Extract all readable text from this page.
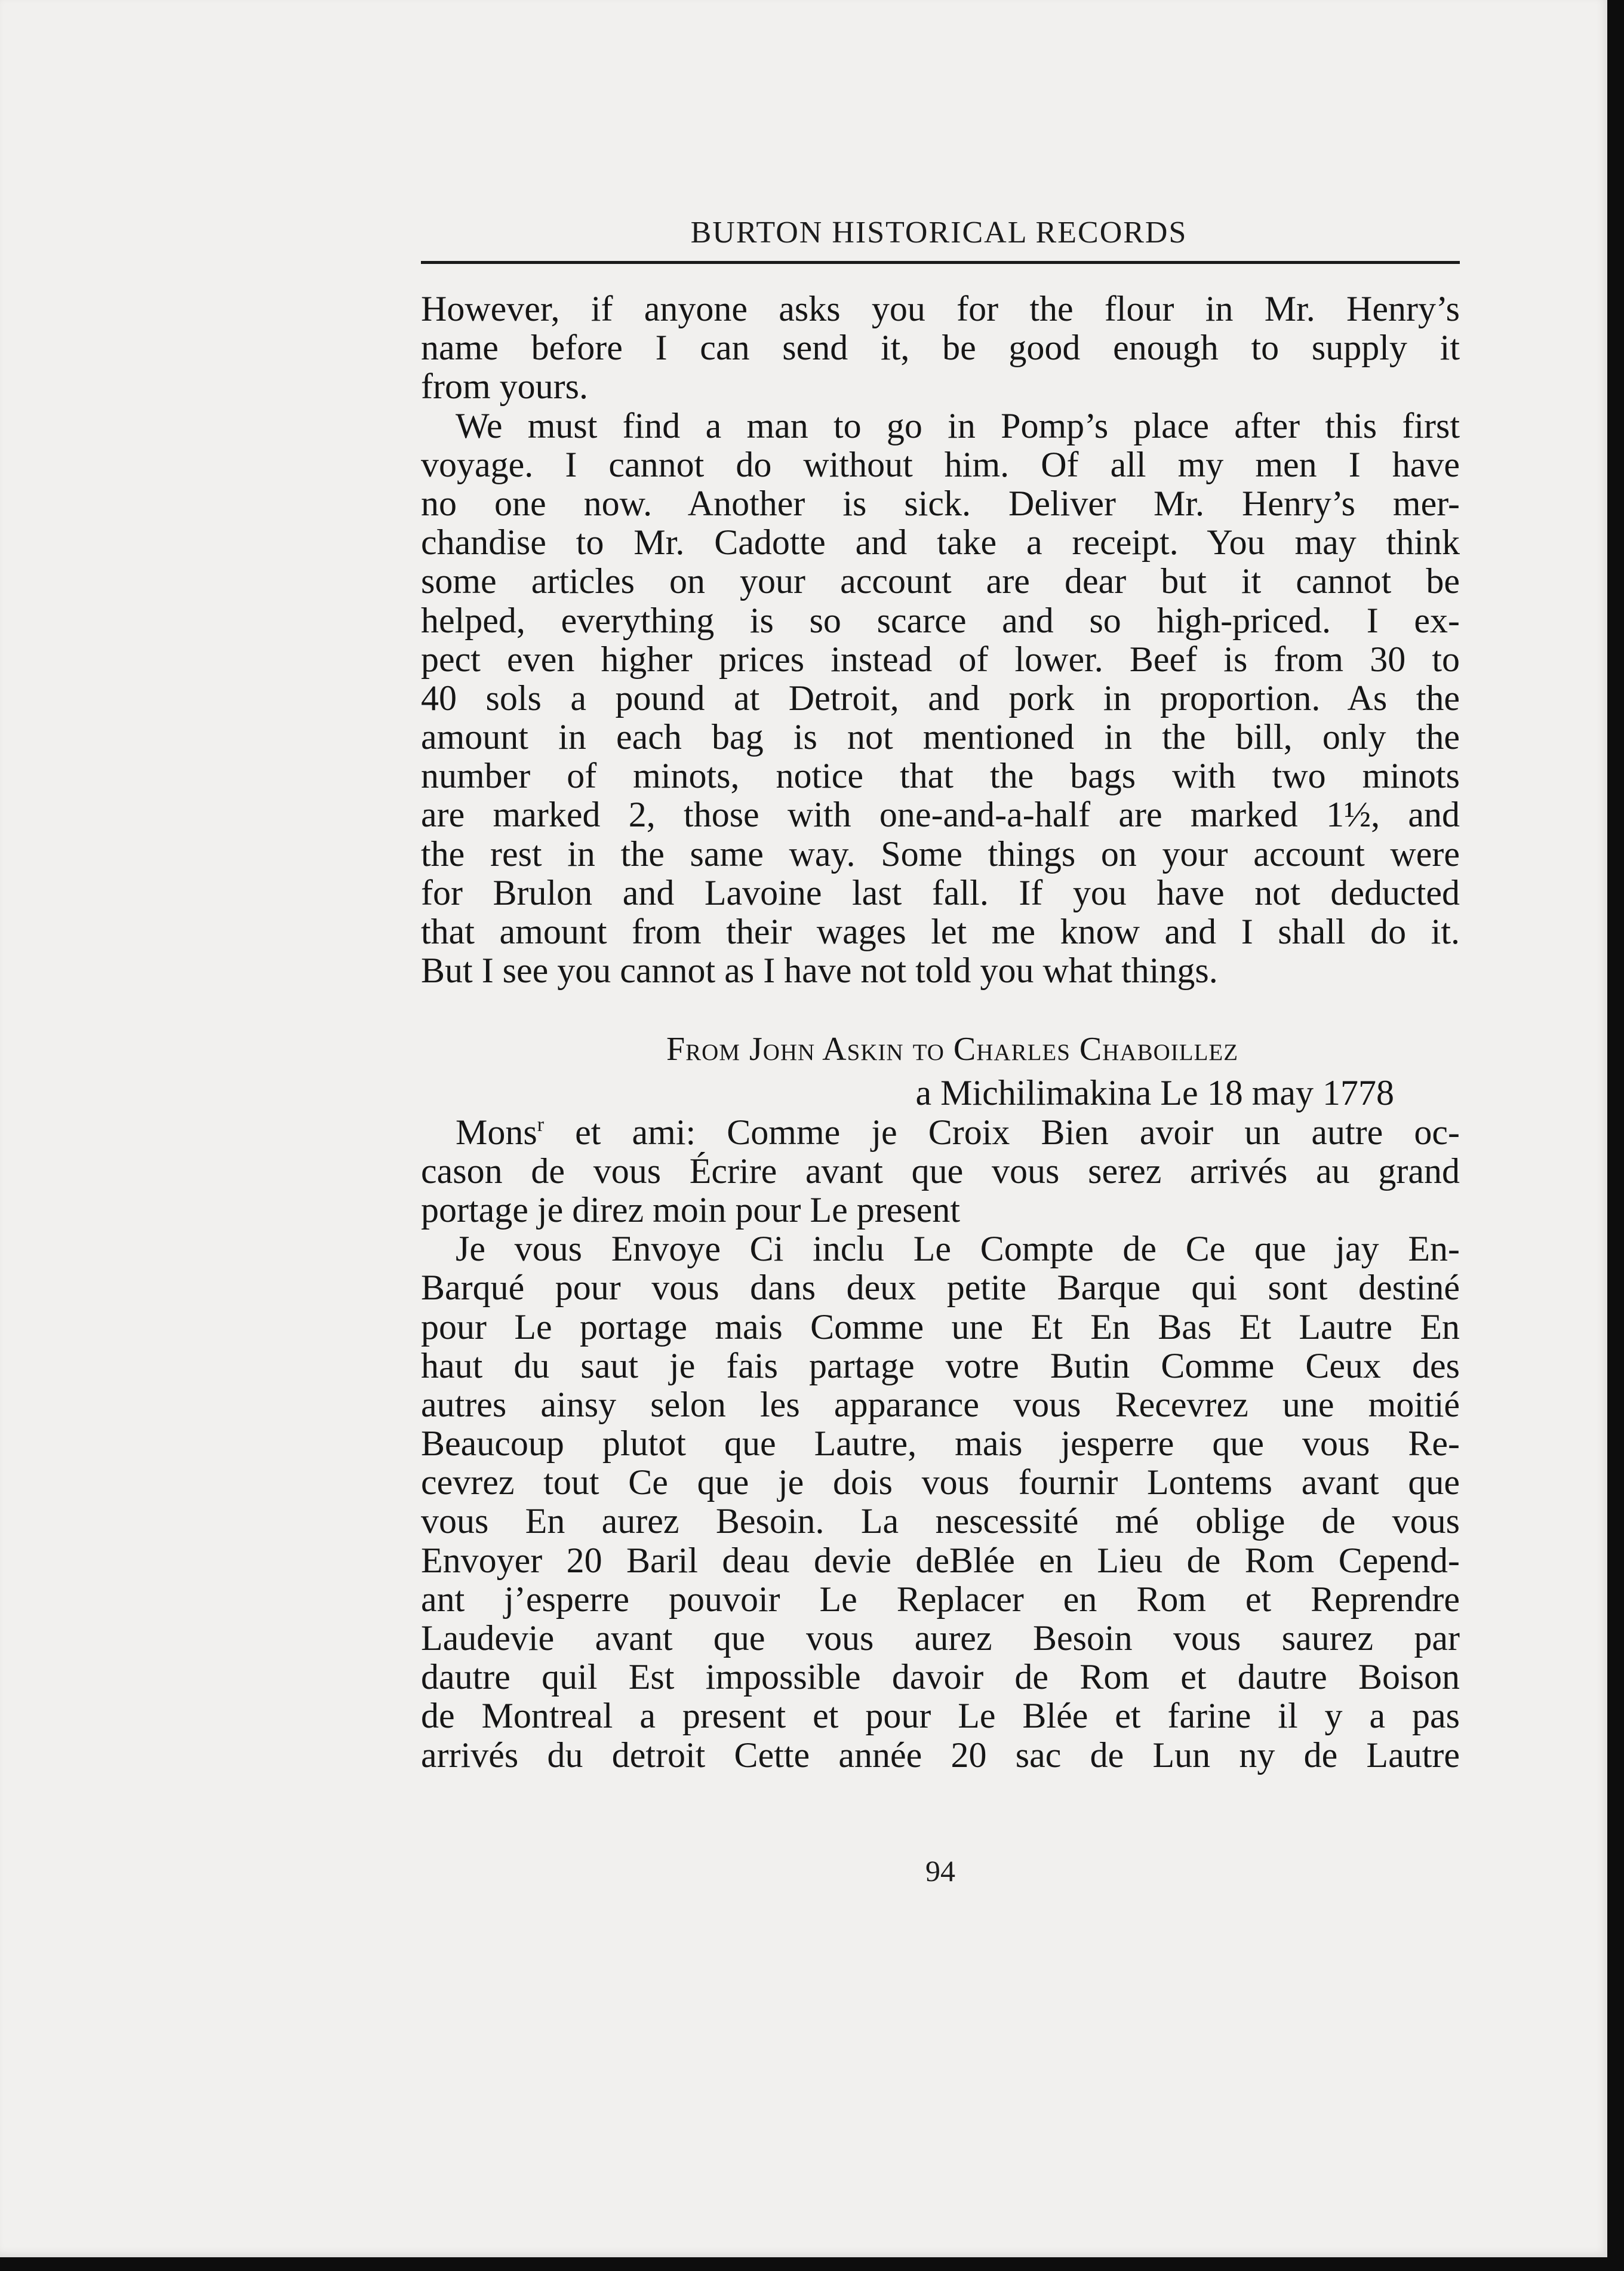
BURTON HISTORICAL RECORDS
However, if anyone asks you for the flour in Mr. Henry’s
name before I can send it, be good enough to supply it
from yours.
We must find a man to go in Pomp’s place after this first
voyage. I cannot do without him. Of all my men I have
no one now. Another is sick. Deliver Mr. Henry’s mer-
chandise to Mr. Cadotte and take a receipt. You may think
some articles on your account are dear but it cannot be
helped, everything is so scarce and so high-priced. I ex-
pect even higher prices instead of lower. Beef is from 30 to
40 sols a pound at Detroit, and pork in proportion. As the
amount in each bag is not mentioned in the bill, only the
number of minots, notice that the bags with two minots
are marked 2, those with one-and-a-half are marked 1½, and
the rest in the same way. Some things on your account were
for Brulon and Lavoine last fall. If you have not deducted
that amount from their wages let me know and I shall do it.
But I see you cannot as I have not told you what things.
From John Askin to Charles Chaboillez
a Michilimakina Le 18 may 1778
Mons$^r$ et ami: Comme je Croix Bien avoir un autre oc-
cason de vous Écrire avant que vous serez arrivés au grand
portage je direz moin pour Le present
Je vous Envoye Ci inclu Le Compte de Ce que jay En-
Barqué pour vous dans deux petite Barque qui sont destiné
pour Le portage mais Comme une Et En Bas Et Lautre En
haut du saut je fais partage votre Butin Comme Ceux des
autres ainsy selon les apparance vous Recevrez une moitié
Beaucoup plutot que Lautre, mais jesperre que vous Re-
cevrez tout Ce que je dois vous fournir Lontems avant que
vous En aurez Besoin. La nescessité mé oblige de vous
Envoyer 20 Baril deau devie deBlée en Lieu de Rom Cepend-
ant j’esperre pouvoir Le Replacer en Rom et Reprendre
Laudevie avant que vous aurez Besoin vous saurez par
dautre quil Est impossible davoir de Rom et dautre Boison
de Montreal a present et pour Le Blée et farine il y a pas
arrivés du detroit Cette année 20 sac de Lun ny de Lautre
94
